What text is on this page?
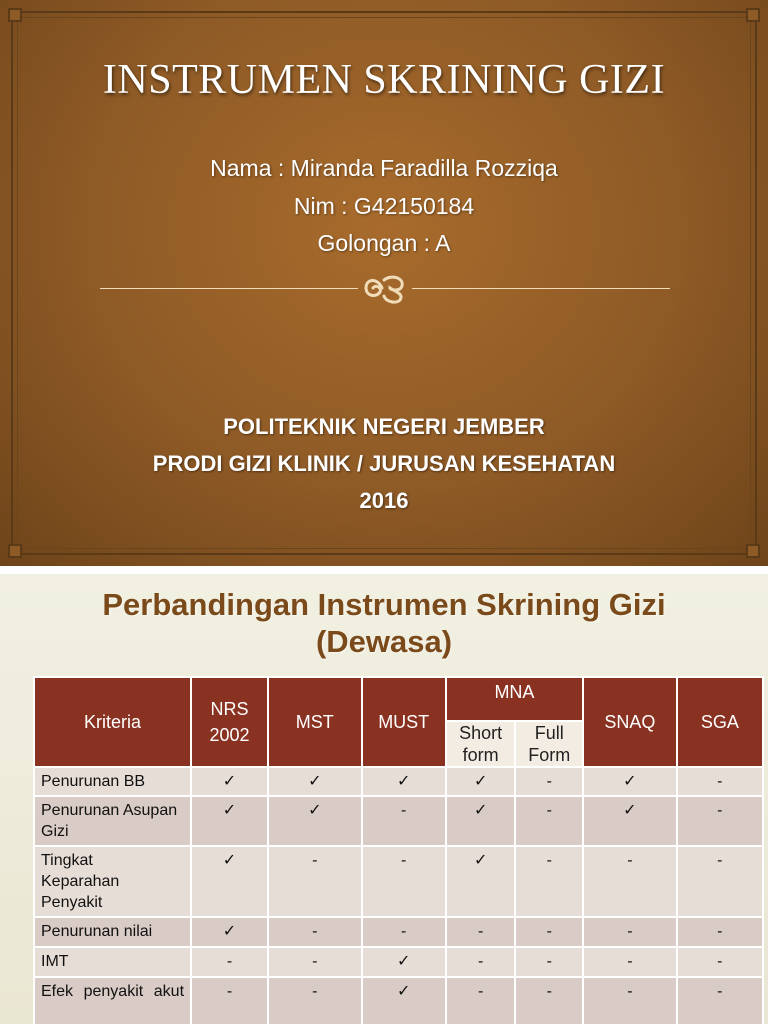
INSTRUMEN SKRINING GIZI
Nama : Miranda Faradilla Rozziqa
Nim : G42150184
Golongan : A
POLITEKNIK NEGERI JEMBER
PRODI GIZI KLINIK / JURUSAN KESEHATAN
2016
Perbandingan Instrumen Skrining Gizi
(Dewasa)
Kriteria	NRS 2002	MST	MUST	MNA		SNAQ	SGA

				Short form	Full Form		

Penurunan BB	✓	✓	✓	✓	-	✓	-
Penurunan Asupan Gizi	✓	✓	-	✓	-	✓	-

Tingkat Keparahan Penyakit	✓	-	-	✓	-	-	-
Penurunan nilai	✓	-	-	-	-	-	-
IMT	-	-	✓	-	-	-	-

Efek penyakit akut	-	-	✓	-	-	-	-
